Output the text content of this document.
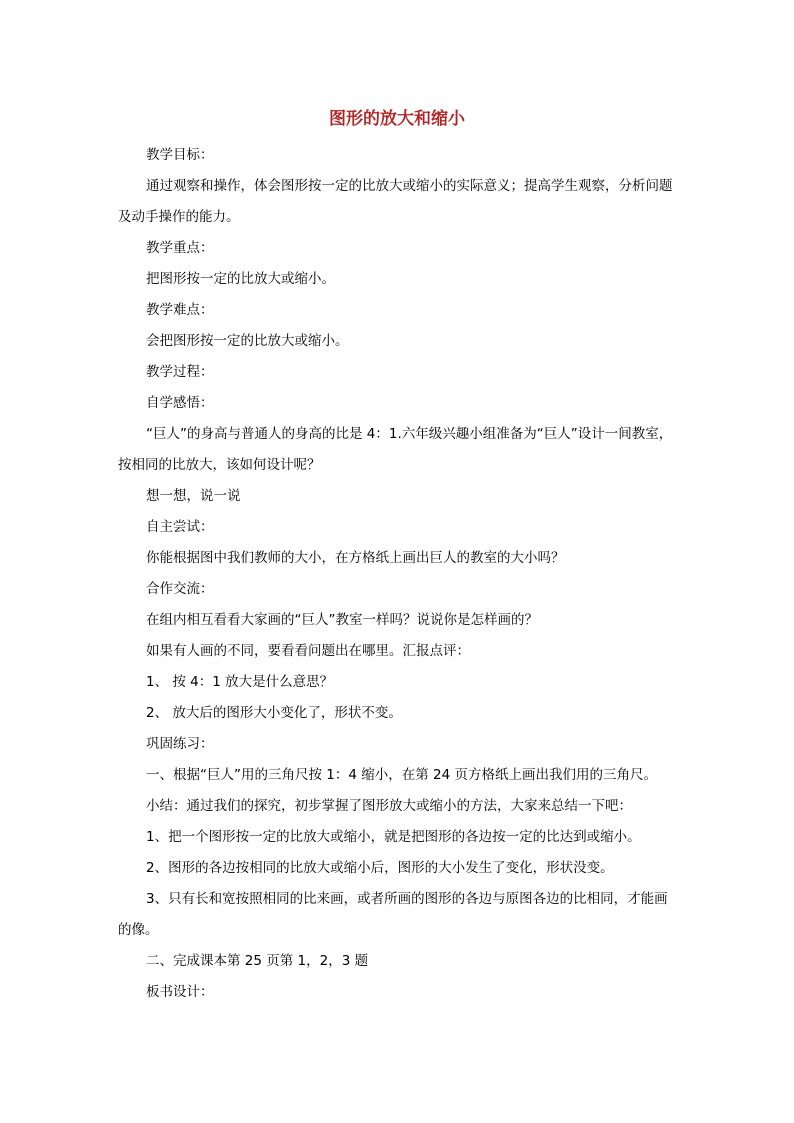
图形的放大和缩小

教学目标：

通过观察和操作，体会图形按一定的比放大或缩小的实际意义；提高学生观察，分析问题及动手操作的能力。

教学重点：

把图形按一定的比放大或缩小。

教学难点：

会把图形按一定的比放大或缩小。

教学过程：

自学感悟：

“巨人”的身高与普通人的身高的比是 4：1.六年级兴趣小组准备为“巨人”设计一间教室，按相同的比放大，该如何设计呢？

想一想，说一说

自主尝试：

你能根据图中我们教师的大小，在方格纸上画出巨人的教室的大小吗？

合作交流：

在组内相互看看大家画的“巨人”教室一样吗？说说你是怎样画的？

如果有人画的不同，要看看问题出在哪里。汇报点评：

1、 按 4：1 放大是什么意思？

2、 放大后的图形大小变化了，形状不变。

巩固练习：

一、根据“巨人”用的三角尺按 1：4 缩小，在第 24 页方格纸上画出我们用的三角尺。

小结：通过我们的探究，初步掌握了图形放大或缩小的方法，大家来总结一下吧：

1、把一个图形按一定的比放大或缩小，就是把图形的各边按一定的比达到或缩小。

2、图形的各边按相同的比放大或缩小后，图形的大小发生了变化，形状没变。

3、只有长和宽按照相同的比来画，或者所画的图形的各边与原图各边的比相同，才能画的像。

二、完成课本第 25 页第 1，2，3 题

板书设计：
